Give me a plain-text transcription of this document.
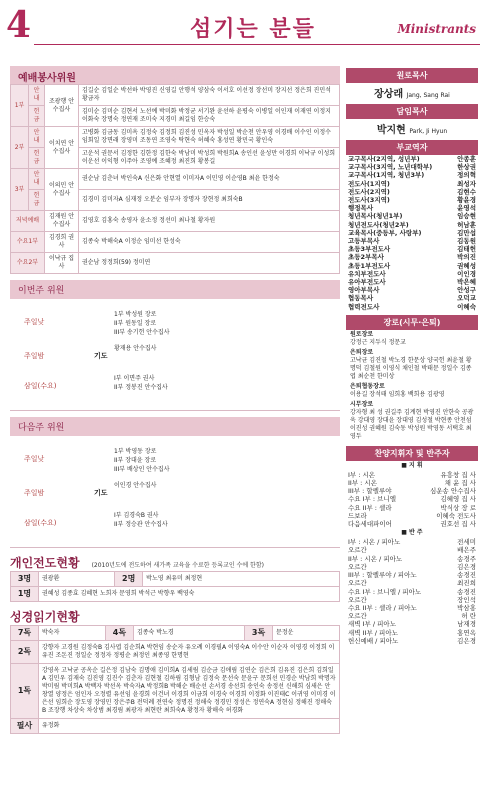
4	섬기는 분들	Ministrants
예배봉사위원
1부	안내	조광행 안수집사	김길순 김일순 박선하 박영진 신영길 안행석 양삼숙 이서호 이선정 장선미 장지선 정은희 진민석 황금자
	헌금		김미순 김미순 김현서 노선예 박미화 박정균 서기완 윤선하 윤평숙 이병일 이인재 이재연 이정지 이화숙 장명숙 정연재 조미숙 지경미 최길임 한승숙
2부	안내	이치연 안수집사	고병화 김금동 김미옥 김정숙 김정희 김진성 민옥자 박성일 박순천 안우영 이경배 이수인 이정수 임회일 장면래 장영미 조동연 조영숙 탁현숙 허혜숙 홍성연 황민국 황인숙
	헌금		고운석 권문서 김정한 김한정 김한숙 박남미 박성희 박원희A 송인선 윤성만 이경희 이낙규 이성희 이운선 이익형 이주아 조영예 조혜정 최진희 황봉길
3부	안내	이의민 안수집사	권순남 김춘녀 박인숙A 신은화 안현열 이미자A 이민영 이순영B 최윤 한정숙
	헌금		김경미 김미자A 심재정 오분순 임부자 장명자 장현정 최희숙B
저녁예배		김재원 안수집사	김영호 김홍숙 송영자 윤소정 정선미 최나철 황자원
수요1부		김경희 권사	김종숙 박해숙A 이정순 임미선 한성숙
수요2부		이낙규 집사	권순남 정정희(59) 정미연
이번주 위원
주일낮
1부 박성원 장로
II부 원동일 장로
III부 송기헌 안수집사
주일밤	기도
황재용 안수집사
삼일(수요)
I부 이면주 권사
II부 정봉진 안수집사
다음주 위원
주일낮
1부 박영동 장로
II부 장대윤 장로
III부 배상인 안수집사
주일밤	기도
이인경 안수집사
삼일(수요)
I부 김경숙B 권사
II부 정승관 안수집사
개인전도현황 (2010년도에 전도하여 새가족 교육을 수료한 등록교인 수에 한함)
3명	권광환	2명	박노영 최유미 최정현
1명	권혜성 김종효 김혜현 노희자 문영희 박석근 박향우 백영숙		
성경읽기현황
7독	박숙자	4독	김종숙 박노경	3독	문정운
2독	강향자 고경원 김정숙B 김사엽 김순희A 박현임 송순자 유오례 이경필A 이영숙A 이수안 이순자 이영경 이정희 이유진 조돈진 정일순 정정자 정평순 최정인 최종영 한명현				
1독	강영옥 고낙균 공옥순 길은정 김남숙 김명애 김미희A 김세림 김순금 김애림 김연순 김은희 김유진 김은희 김희일A 김민우 김재숙 김진영 김진수 김춘자 김현철 김하림 김형남 김정숙 문선숙 문윤구 문희선 민경순 박남희 박명자 박미림 박미희A 박백자 박선옥 박숙자A 박정희B 박해순 배순선 손서경 송선희 송인숙 송정선 신해희 심새은 안창열 양정은 엄인자 오정렬 유선임 윤경희 이건녀 이경희 이금희 이경숙 이경희 이정화 이진태C 이귀영 이미경 이은선 임희순 장도영 장영민 장은주B 전덕례 전연숙 정명진 정해숙 정경민 정성은 정연숙A 정현심 정해진 정해숙B 조장행 차상숙 차상범 최경림 최광자 최현란 최희숙A 황정자 황해숙 허경화				
필사	유정화				
원로목사
장상래 Jang, Sang Rai
담임목사
박지현 Park, Ji Hyun
부교역자
교구목사(2지역, 성년부)	안종훈
교구목사(3지역, 노년대학부)	한상권
교구목사(1지역, 청년3부)	정의혁
전도사(1지역)	최성자
전도사(2지역)	김현수
전도사(3지역)	황윤경
행정목사	윤영석
청년목사(청년1부)	임승현
청년전도사(청년2부)	허남훈
교육목사(중등부, 사랑부)	김만섭
고등부목사	김동원
초등3부전도사	김태헌
초등2부목사	박의진
초등1부전도사	권혜성
유치부전도사	이인경
유아부전도사	박은혜
영아부목사	안성구
협동목사	오덕교
협력전도사	이혜숙
장로(시무·은퇴)
원로장로
강정근 지두식 정문교
은퇴장로
고낙균 김진철 박노경 한문상 양국헌 최윤철 황명덕 김철원 이영식 채인철 박태문 정일수 김종엽 최순천 한미상
은퇴협동장로
이용길 장석태 임희홍 백희용 김광영
시무장로
강자형 최 성 권길주 김계현 박영진 안한숙 공광욱 강대영 장대윤 장대영 김성철 박현종 안천섬 이진성 권혜원 김숙동 박성원 박영동 서택호 최영두
찬양지휘자 및 반주자
■ 지 휘
I부 : 시온	유흥창 집 사
II부 : 시온	채 윤 집 사
III부 : 할렐루야	심운송 안수집사
수요 I부 : 브니엘	김혜영 집 사
수요 II부 : 셀라	박식상 장 로
드보라	이혜숙 전도사
다음세대파이어	권호선 집 사
■ 반 주
I부 : 시온 / 피아노	전세미
오르간	배은주
II부 : 시온 / 피아노	송경주
오르간	김은경
III부 : 할렐루야 / 피아노	송경진
오르간	최진희
수요 I부 : 브니엘 / 피아노	송경진
오르간	장인석
수요 II부 : 셀라 / 피아노	박삼홍
오르간	허 란
새벽 I부 / 피아노	남재경
새벽 II부 / 피아노	홍연옥
헌신예배 / 피아노	김은경
